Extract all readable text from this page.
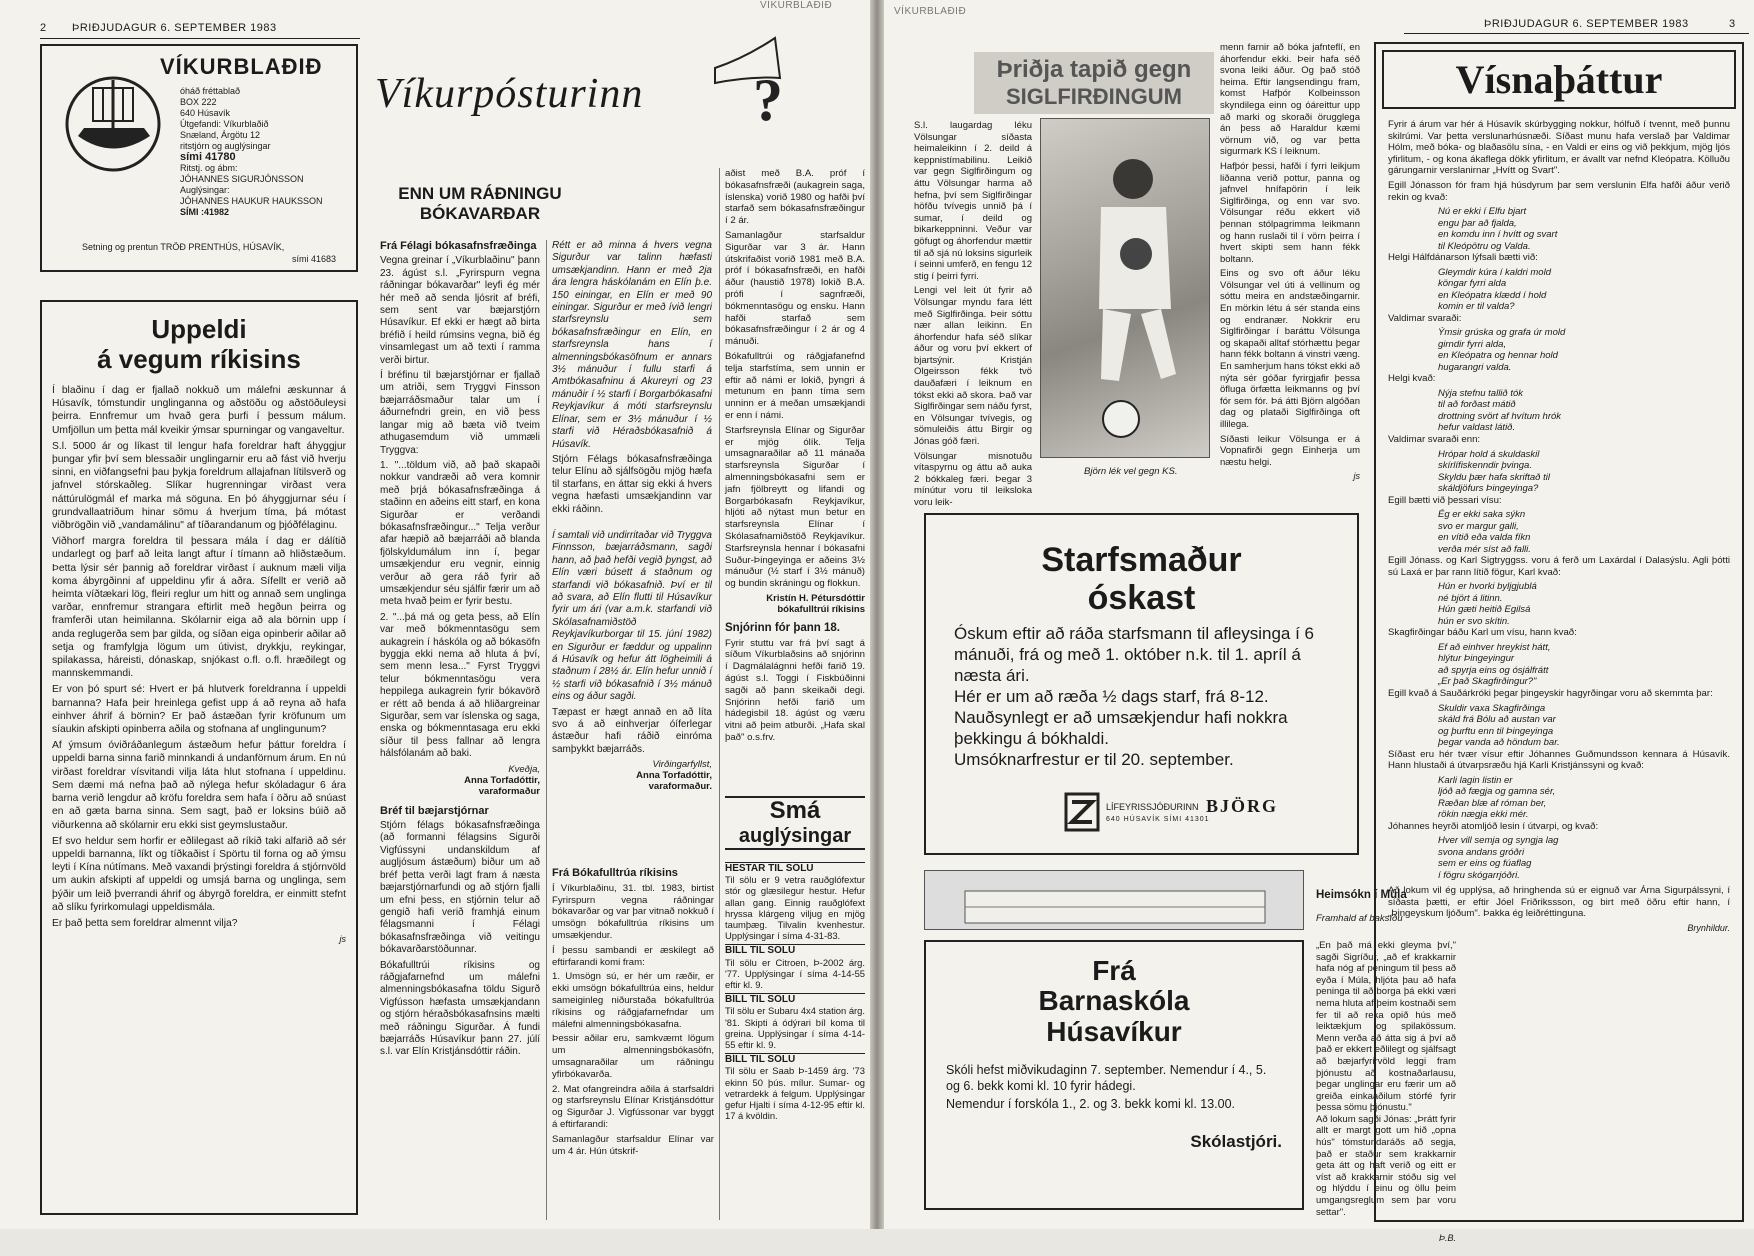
2 ÞRIÐJUDAGUR 6. SEPTEMBER 1983
VÍKURBLAÐIÐ
VÍKURBLAÐIÐ
óháð fréttablað
BOX 222
640 Húsavík
Útgefandi: Víkurblaðið
Snæland, Árgötu 12
ritstjórn og auglýsingar
sími 41780
Ritstj. og ábm:
JÓHANNES SIGURJÓNSSON
Auglýsingar:
JÓHANNES HAUKUR HAUKSSON
SÍMI :41982
Setning og prentun TRÖÐ PRENTHÚS, HÚSAVÍK,
sími 41683
Uppeldi
á vegum ríkisins

Í blaðinu í dag er fjallað nokkuð um málefni æskunnar á Húsavík, tómstundir unglinganna og aðstöðu og aðstöðuleysi þeirra. Ennfremur um hvað gera þurfi í þessum málum. Umfjöllun um þetta mál kveikir ýmsar spurningar og vangaveltur.

S.l. 5000 ár og líkast til lengur hafa foreldrar haft áhyggjur þungar yfir því sem blessaðir unglingarnir eru að fást við hverju sinni, en viðfangsefni þau þykja foreldrum allajafnan lítilsverð og jafnvel stórskaðleg. Slíkar hugrenningar virðast vera náttúrulögmál ef marka má söguna. En þó áhyggjurnar séu í grundvallaatriðum hinar sömu á hverjum tíma, þá mótast viðbrögðin við „vandamálinu" af tíðarandanum og þjóðfélaginu.

Viðhorf margra foreldra til þessara mála í dag er dálítið undarlegt og þarf að leita langt aftur í tímann að hliðstæðum. Þetta lýsir sér þannig að foreldrar virðast í auknum mæli vilja koma ábyrgðinni af uppeldinu yfir á aðra. Sífellt er verið að heimta víðtækari lög, fleiri reglur um hitt og annað sem unglinga varðar, ennfremur strangara eftirlit með hegðun þeirra og framferði utan heimilanna. Skólarnir eiga að ala börnin upp í anda reglugerða sem þar gilda, og síðan eiga opinberir aðilar að setja og framfylgja lögum um útivist, drykkju, reykingar, spilakassa, háreisti, dónaskap, snjókast o.fl. o.fl. hræðilegt og mannskemmandi.

Er von þó spurt sé: Hvert er þá hlutverk foreldranna í uppeldi barnanna? Hafa þeir hreinlega gefist upp á að reyna að hafa einhver áhrif á börnin? Er það ástæðan fyrir kröfunum um síaukin afskipti opinberra aðila og stofnana af unglingunum?

Af ýmsum óviðráðanlegum ástæðum hefur þáttur foreldra í uppeldi barna sinna farið minnkandi á undanförnum árum. En nú virðast foreldrar vísvitandi vilja láta hlut stofnana í uppeldinu. Sem dæmi má nefna það að nýlega hefur skóladagur 6 ára barna verið lengdur að kröfu foreldra sem hafa í öðru að snúast en að gæta barna sinna. Sem sagt, það er loksins búið að viðurkenna að skólarnir eru ekki sist geymslustaður.

Ef svo heldur sem horfir er eðlilegast að ríkið taki alfarið að sér uppeldi barnanna, líkt og tíðkaðist í Spörtu til forna og að ýmsu leyti í Kína nútímans. Með vaxandi þrýstingi foreldra á stjórnvöld um aukin afskipti af uppeldi og umsjá barna og unglinga, sem þýðir um leið þverrandi áhrif og ábyrgð foreldra, er einmitt stefnt að slíku fyrirkomulagi uppeldismála.

Er það þetta sem foreldrar almennt vilja?

js
Víkurpósturinn ?
ENN UM RÁÐNINGU
BÓKAVARÐAR

Frá Félagi bókasafnsfræðinga

Vegna greinar í „Víkurblaðinu" þann 23. ágúst s.l. „Fyrirspurn vegna ráðningar bókavarðar" leyfi ég mér hér með að senda ljósrit af bréfi, sem sent var bæjarstjórn Húsavíkur. Ef ekki er hægt að birta bréfið í heild rúmsins vegna, bið ég vinsamlegast um að texti í ramma verði birtur.

Í bréfinu til bæjarstjórnar er fjallað um atriði, sem Tryggvi Finsson bæjarráðsmaður talar um í áðurnefndri grein, en við þess langar mig að bæta við tveim athugasemdum við ummæli Tryggva:

1. "...töldum við, að það skapaði nokkur vandræði að vera komnir með þrjá bókasafnsfræðinga á staðinn en aðeins eitt starf, en kona Sigurðar er verðandi bókasafnsfræðingur..." Telja verður afar hæpið að bæjarráði að blanda fjölskyldumálum inn í, þegar umsækjendur eru vegnir, einnig verður að gera ráð fyrir að umsækjendur séu sjálfir færir um að meta hvað þeim er fyrir bestu.

2. "...þá má og geta þess, að Elín var með bókmenntasögu sem aukagrein í háskóla og að bókasöfn byggja ekki nema að hluta á því, sem menn lesa..." Fyrst Tryggvi telur bókmenntasögu vera heppilega aukagrein fyrir bókavörð er rétt að benda á að hliðargreinar Sigurðar, sem var íslenska og saga, enska og bókmenntasaga eru ekki síður til þess fallnar að lengra hálsfólanám að baki.

Kveðja,
Anna Torfadóttir,
varaformaður

Bréf til bæjarstjórnar

Stjórn félags bókasafnsfræðinga (að formanni félagsins Sigurði Vigfússyni undanskildum af augljósum ástæðum) biður um að bréf þetta verði lagt fram á næsta bæjarstjórnarfundi og að stjórn fjalli um efni þess, en stjórnin telur að gengið hafi verið framhjá einum félagsmanni í Félagi bókasafnsfræðinga við veitingu bókavarðarstöðunnar.

Bókafulltrúi ríkisins og ráðgjafarnefnd um málefni almenningsbókasafna töldu Sigurð Vigfússon hæfasta umsækjandann og stjórn héraðsbókasafnsins mælti með ráðningu Sigurðar. Á fundi bæjarráðs Húsavíkur þann 27. júlí s.l. var Elín Kristjánsdóttir ráðin.

Rétt er að minna á hvers vegna Sigurður var talinn hæfasti umsækjandinn. Hann er með 2ja ára lengra háskólanám en Elín þ.e. 150 einingar, en Elín er með 90 einingar. Sigurður er með ívið lengri starfsreynslu sem bókasafnsfræðingur en Elín, en starfsreynsla hans í almenningsbókasöfnum er annars 3½ mánuður í fullu starfi á Amtbókasafninu á Akureyri og 23 mánuðir í ½ starfi í Borgarbókasafni Reykjavíkur á móti starfsreynslu Elínar, sem er 3½ mánuður í ½ starfi við Héraðsbókasafnið á Húsavík.

Stjórn Félags bókasafnsfræðinga telur Elínu að sjálfsögðu mjög hæfa til starfans, en áttar sig ekki á hvers vegna hæfasti umsækjandinn var ekki ráðinn.

Í samtali við undirritaðar við Tryggva Finnsson, bæjarráðsmann, sagði hann, að það hefði vegið þyngst, að Elín væri búsett á staðnum og starfandi við bókasafnið. Því er til að svara, að Elín flutti til Húsavíkur fyrir um ári (var a.m.k. starfandi við Skólasafnamiðstöð Reykjavíkurborgar til 15. júní 1982) en Sigurður er fæddur og uppalinn á Húsavík og hefur átt lögheimili á staðnum í 28½ ár. Elín hefur unnið í ½ starfi við bókasafnið í 3½ mánuð eins og áður sagði.

Tæpast er hægt annað en að líta svo á að einhverjar óíferlegar ástæður hafi ráðið einróma samþykkt bæjarráðs.

Virðingarfyllst,
Anna Torfadóttir,
varaformaður.

aðist með B.A. próf í bókasafnsfræði (aukagrein saga, íslenska) vorið 1980 og hafði því starfað sem bókasafnsfræðingur í 2 ár.

Samanlagður starfsaldur Sigurðar var 3 ár. Hann útskrifaðist vorið 1981 með B.A. próf í bókasafnsfræði, en hafði áður (haustið 1978) lokið B.A. prófi í sagnfræði, bókmenntasögu og ensku. Hann hafði starfað sem bókasafnsfræðingur í 2 ár og 4 mánuði.

Bókafulltrúi og ráðgjafanefnd telja starfstíma, sem unnin er eftir að námi er lokið, þyngri á metunum en þann tíma sem unninn er á meðan umsækjandi er enn í námi.

Starfsreynsla Elínar og Sigurðar er mjög ólík. Telja umsagnaraðilar að 11 mánaða starfsreynsla Sigurðar í almenningsbókasafni sem er jafn fjölbreytt og lifandi og Borgarbókasafn Reykjavíkur, hljóti að nýtast mun betur en starfsreynsla Elínar í Skólasafnamiðstöð Reykjavíkur. Starfsreynsla hennar í bókasafni Suður-Þingeyinga er aðeins 3½ mánuður (½ starf í 3½ mánuð) og bundin skráningu og flokkun.

Kristín H. Pétursdóttir
bókafulltrúi ríkisins

Snjórinn fór þann 18.

Fyrir stuttu var frá því sagt á síðum Víkurblaðsins að snjórinn í Dagmálalágnni hefði farið 19. ágúst s.l. Toggi í Fiskbúðinni sagði að þann skeikaði degi. Snjórinn hefði farið um hádegisbil 18. ágúst og væru vitni að þeim atburði. „Hafa skal það" o.s.frv.

Smá
auglýsingar
HESTAR TIL SÖLU

Til sölu er 9 vetra rauðglófextur stór og glæsilegur hestur. Hefur allan gang. Einnig rauðglófext hryssa klárgeng viljug en mjög taumþæg. Tilvalin kvenhestur. Upplýsingar í síma 4-31-83.

BÍLL TIL SÖLU

Til sölu er Citroen, Þ-2002 árg. '77. Upplýsingar í síma 4-14-55 eftir kl. 9.

BÍLL TIL SÖLU

Til sölu er Subaru 4x4 station árg. '81. Skipti á ódýrari bíl koma til greina. Upplýsingar í síma 4-14-55 eftir kl. 9.

BÍLL TIL SÖLU

Til sölu er Saab Þ-1459 árg. '73 ekinn 50 þús. mílur. Sumar- og vetrardekk á felgum. Upplýsingar gefur Hjalti í síma 4-12-95 eftir kl. 17 á kvöldin.

Frá Bókafulltrúa ríkisins

Í Víkurblaðinu, 31. tbl. 1983, birtist Fyrirspurn vegna ráðningar bókavarðar og var þar vitnað nokkuð í umsögn bókafulltrúa ríkisins um umsækjendur.

Í þessu sambandi er æskilegt að eftirfarandi komi fram:

1. Umsögn sú, er hér um ræðir, er ekki umsögn bókafulltrúa eins, heldur sameiginleg niðurstaða bókafulltrúa ríkisins og ráðgjafarnefndar um málefni almenningsbókasafna.

Þessir aðilar eru, samkvæmt lögum um almenningsbókasöfn, umsagnaraðilar um ráðningu yfirbókavarða.

2. Mat ofangreindra aðila á starfsaldri og starfsreynslu Elínar Kristjánsdóttur og Sigurðar J. Vigfússonar var byggt á eftirfarandi:

Samanlagður starfsaldur Elínar var um 4 ár. Hún útskrif-

VÍKURBLAÐIÐ
ÞRIÐJUDAGUR 6. SEPTEMBER 1983	3
Þriðja tapið gegn
SIGLFIRÐINGUM

S.l. laugardag léku Völsungar síðasta heimaleikinn í 2. deild á keppnistímabilinu. Leikið var gegn Siglfirðingum og áttu Völsungar harma að hefna, því sem Siglfirðingar höfðu tvívegis unnið þá í sumar, í deild og bikarkeppninni. Veður var göfugt og áhorfendur mættir til að sjá nú loksins sigurleik í seinni umferð, en fengu 12 stig í þeirri fyrri.

Lengi vel leit út fyrir að Völsungar myndu fara létt með Siglfirðinga. Þeir sóttu nær allan leikinn. En áhorfendur hafa séð slíkar áður og voru því ekkert of bjartsýnir. Kristján Olgeirsson fékk tvö dauðafæri í leiknum en tókst ekki að skora. Það var Siglfirðingar sem náðu fyrst, en Völsungar tvívegis, og sömuleiðis áttu Birgir og Jónas góð færi.

Völsungar misnotuðu vítaspyrnu og áttu að auka 2 bókkaleg færi. Þegar 3 mínútur voru til leiksloka voru leik-

Björn lék vel gegn KS.

menn farnir að bóka jafnteflí, en áhorfendur ekki. Þeir hafa séð svona leiki áður. Og það stóð heima. Eftir langsendingu fram, komst Hafþór Kolbeinsson skyndilega einn og óáreittur upp að marki og skoraði örugglega án þess að Haraldur kæmi vörnum við, og var þetta sigurmark KS í leiknum.

Hafþór þessi, hafði í fyrri leikjum liðanna verið pottur, panna og jafnvel hnífapörin í leik Siglfirðinga, og enn var svo. Völsungar réðu ekkert við þennan stólpagrimma leikmann og hann ruslaði til í vörn þeirra í hvert skipti sem hann fékk boltann.

Eins og svo oft áður léku Völsungar vel úti á vellinum og sóttu meira en andstæðingarnir. En mörkin létu á sér standa eins og endranær. Nokkrir eru Siglfirðingar í baráttu Völsunga og skapaði alltaf stórhættu þegar hann fékk boltann á vinstri væng. En samherjum hans tókst ekki að nýta sér góðar fyrirgjafir þessa öfluga örfætta leikmanns og því fór sem fór. Þá átti Björn algóðan dag og plataði Siglfirðinga oft illilega.

Síðasti leikur Völsunga er á Vopnafirði gegn Einherja um næstu helgi.

js
Starfsmaður
óskast
Óskum eftir að ráða starfsmann til afleysinga í 6 mánuði, frá og með 1. október n.k. til 1. apríl á næsta ári.
Hér er um að ræða ½ dags starf, frá 8-12.
Nauðsynlegt er að umsækjendur hafi nokkra þekkingu á bókhaldi.
Umsóknarfrestur er til 20. september.
LÍFEYRISSJÓÐURINN BJÖRG
640 HÚSAVÍK SÍMI 41301
Frá
Barnaskóla
Húsavíkur
Skóli hefst miðvikudaginn 7. september. Nemendur í 4., 5. og 6. bekk komi kl. 10 fyrir hádegi.
Nemendur í forskóla 1., 2. og 3. bekk komi kl. 13.00.
Skólastjóri.

Heimsókn í Múla

Framhald af baksíðu

„En það má ekki gleyma því," sagði Sigríður, „að ef krakkarnir hafa nóg af peningum til þess að eyða í Múla, hljóta þau að hafa peninga til að borga þá ekki væri nema hluta af þeim kostnaði sem fer til að reka opið hús með leiktækjum og spilakössum. Menn verða að átta sig á því að það er ekkert eðlilegt og sjálfsagt að bæjarfyrirvöld leggi fram þjónustu að kostnaðarlausu, þegar unglingar eru færir um að greiða einkaaðilum stórfé fyrir þessa sömu þjónustu."
Að lokum sagði Jónas: „Þrátt fyrir allt er margt gott um hið „opna hús" tómstundaráðs að segja, það er staður sem krakkarnir geta átt og haft verið og eitt er víst að krakkarnir stóðu sig vel og hlýddu í einu og öllu þeim umgangsreglum sem þar voru settar".

Þ.B.

Vísnaþáttur

Fyrir á árum var hér á Húsavík skúrbygging nokkur, hólfuð í tvennt, með þunnu skilrúmi. Var þetta verslunarhúsnæði. Síðast munu hafa verslað þar Valdimar Hólm, með bóka- og blaðasölu sína, - en Valdi er eins og við þekkjum, mjög ljós yfirlitum, - og kona ákaflega dökk yfirlitum, er ávallt var nefnd Kleópatra. Kölluðu gárungarnir verslanirnar „Hvítt og Svart".

Egill Jónasson fór fram hjá húsdyrum þar sem verslunin Elfa hafði áður verið rekin og kvað:

Nú er ekki í Elfu bjart
engu þar að fjalda,
en komdu inn í hvítt og svart
til Kleópötru og Valda.

Helgi Hálfdánarson lýfsali bætti við:

Gleymdir kúra í kaldri mold
köngar fyrri alda
en Kleópatra klædd í hold
komin er til valda?

Valdimar svaraði:

Ýmsir grúska og grafa úr mold
girndir fyrri alda,
en Kleópatra og hennar hold
hugarangri valda.

Helgi kvað:

Nýja stefnu tallið tók
til að forðast mátið
drottning svört af hvítum hrók
hefur valdast látið.

Valdimar svaraði enn:

Hrópar hold á skuldaskil
skírlífiskenndir þvinga.
Skyldu þær hafa skriftað til
skáldjöfurs Þingeyinga?

Egill bætti við þessari vísu:

Ég er ekki saka sýkn
svo er margur galli,
en vítið eða valda fíkn
verða mér síst að falli.

Egill Jónass. og Karl Sigtryggss. voru á ferð um Laxárdal í Dalasýslu. Agli þótti sú Laxá er þar rann lítið fögur, Karl kvað:

Hún er hvorki byljgjublá
né björt á litinn.
Hún gæti heitið Egilsá
hún er svo skítin.

Skagfirðingar báðu Karl um vísu, hann kvað:

Ef að einhver hreykist hátt,
hlýtur Þingeyingur
að spyrja eins og ósjálfrátt
„Er það Skagfirðingur?"

Egill kvað á Sauðárkróki þegar þingeyskir hagyrðingar voru að skemmta þar:

Skuldir vaxa Skagfirðinga
skáld frá Bólu að austan var
og þurftu enn til Þingeyinga
þegar vanda að höndum bar.

Síðast eru hér tvær vísur eftir Jóhannes Guðmundsson kennara á Húsavík. Hann hlustaði á útvarpsræðu hjá Karli Kristjánssyni og kvað:

Karli lagin listin er
ljóð að fægja og gamna sér,
Ræðan blæ af róman ber,
rökin nægja ekki mér.

Jóhannes heyrði atomljóð lesin í útvarpi, og kvað:

Hver vill semja og syngja lag
svona andans gróðri
sem er eins og fúaflag
í fögru skógarrjóðri.

Að lokum vil ég upplýsa, að hringhenda sú er eignuð var Árna Sigurpálssyni, í síðasta þætti, er eftir Jóel Friðrikssson, og birt með öðru eftir hann, í „Þingeyskum ljóðum". Þakka ég leiðréttinguna.

Brynhildur.
